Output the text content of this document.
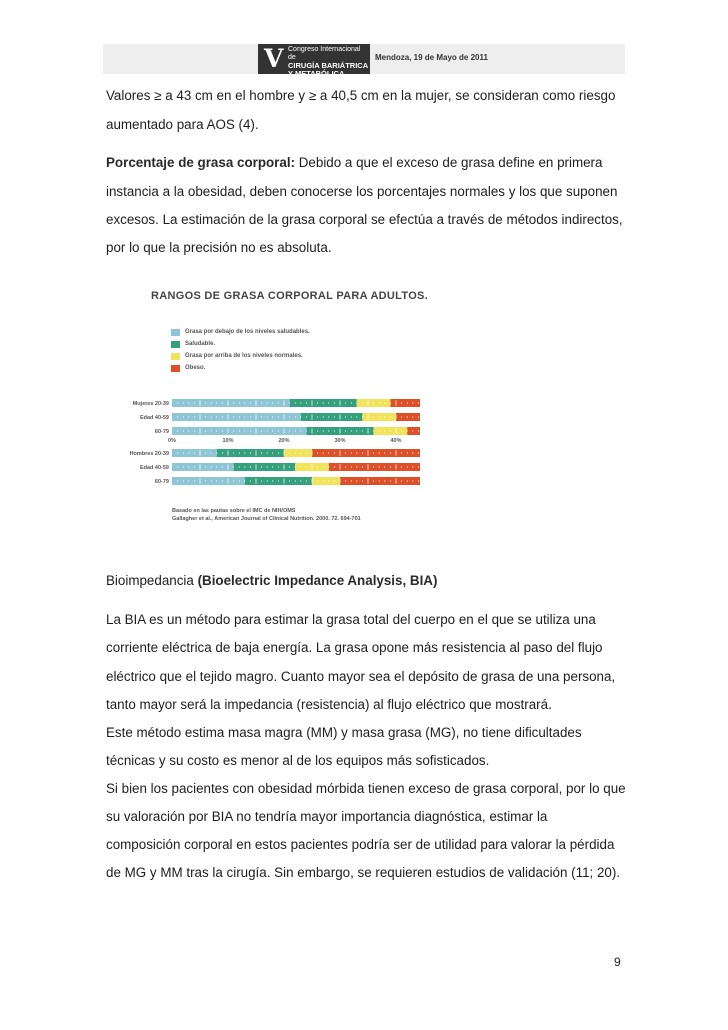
V Congreso Internacional de
CIRUGÍA BARIÁTRICA
Y METABÓLICA
Mendoza, 19 de Mayo de 2011
Valores ≥ a 43 cm en el hombre y ≥ a 40,5 cm en la mujer, se consideran como riesgo
aumentado para AOS (4).
Porcentaje de grasa corporal: Debido a que el exceso de grasa define en primera
instancia a la obesidad, deben conocerse los porcentajes normales y los que suponen
excesos. La estimación de la grasa corporal se efectúa a través de métodos indirectos,
por lo que la precisión no es absoluta.
RANGOS DE GRASA CORPORAL PARA ADULTOS.
Grasa por debajo de los niveles saludables.
Saludable.
Grasa por arriba de los niveles normales.
Obeso.
Mujeres 20-39
Edad 40-59
60-79
Hombres 20-39
Edad 40-59
60-79
0%	10%	20%	30%	40%
Basado en las pautas sobre el IMC de NIH/OMS
Gallagher et al., American Journal of Clinical Nutrition. 2000. 72. 694-701
Bioimpedancia (Bioelectric Impedance Analysis, BIA)
La BIA es un método para estimar la grasa total del cuerpo en el que se utiliza una
corriente eléctrica de baja energía. La grasa opone más resistencia al paso del flujo
eléctrico que el tejido magro. Cuanto mayor sea el depósito de grasa de una persona,
tanto mayor será la impedancia (resistencia) al flujo eléctrico que mostrará.
Este método estima masa magra (MM) y masa grasa (MG), no tiene dificultades
técnicas y su costo es menor al de los equipos más sofisticados.
Si bien los pacientes con obesidad mórbida tienen exceso de grasa corporal, por lo que
su valoración por BIA no tendría mayor importancia diagnóstica, estimar la
composición corporal en estos pacientes podría ser de utilidad para valorar la pérdida
de MG y MM tras la cirugía. Sin embargo, se requieren estudios de validación (11; 20).
9
